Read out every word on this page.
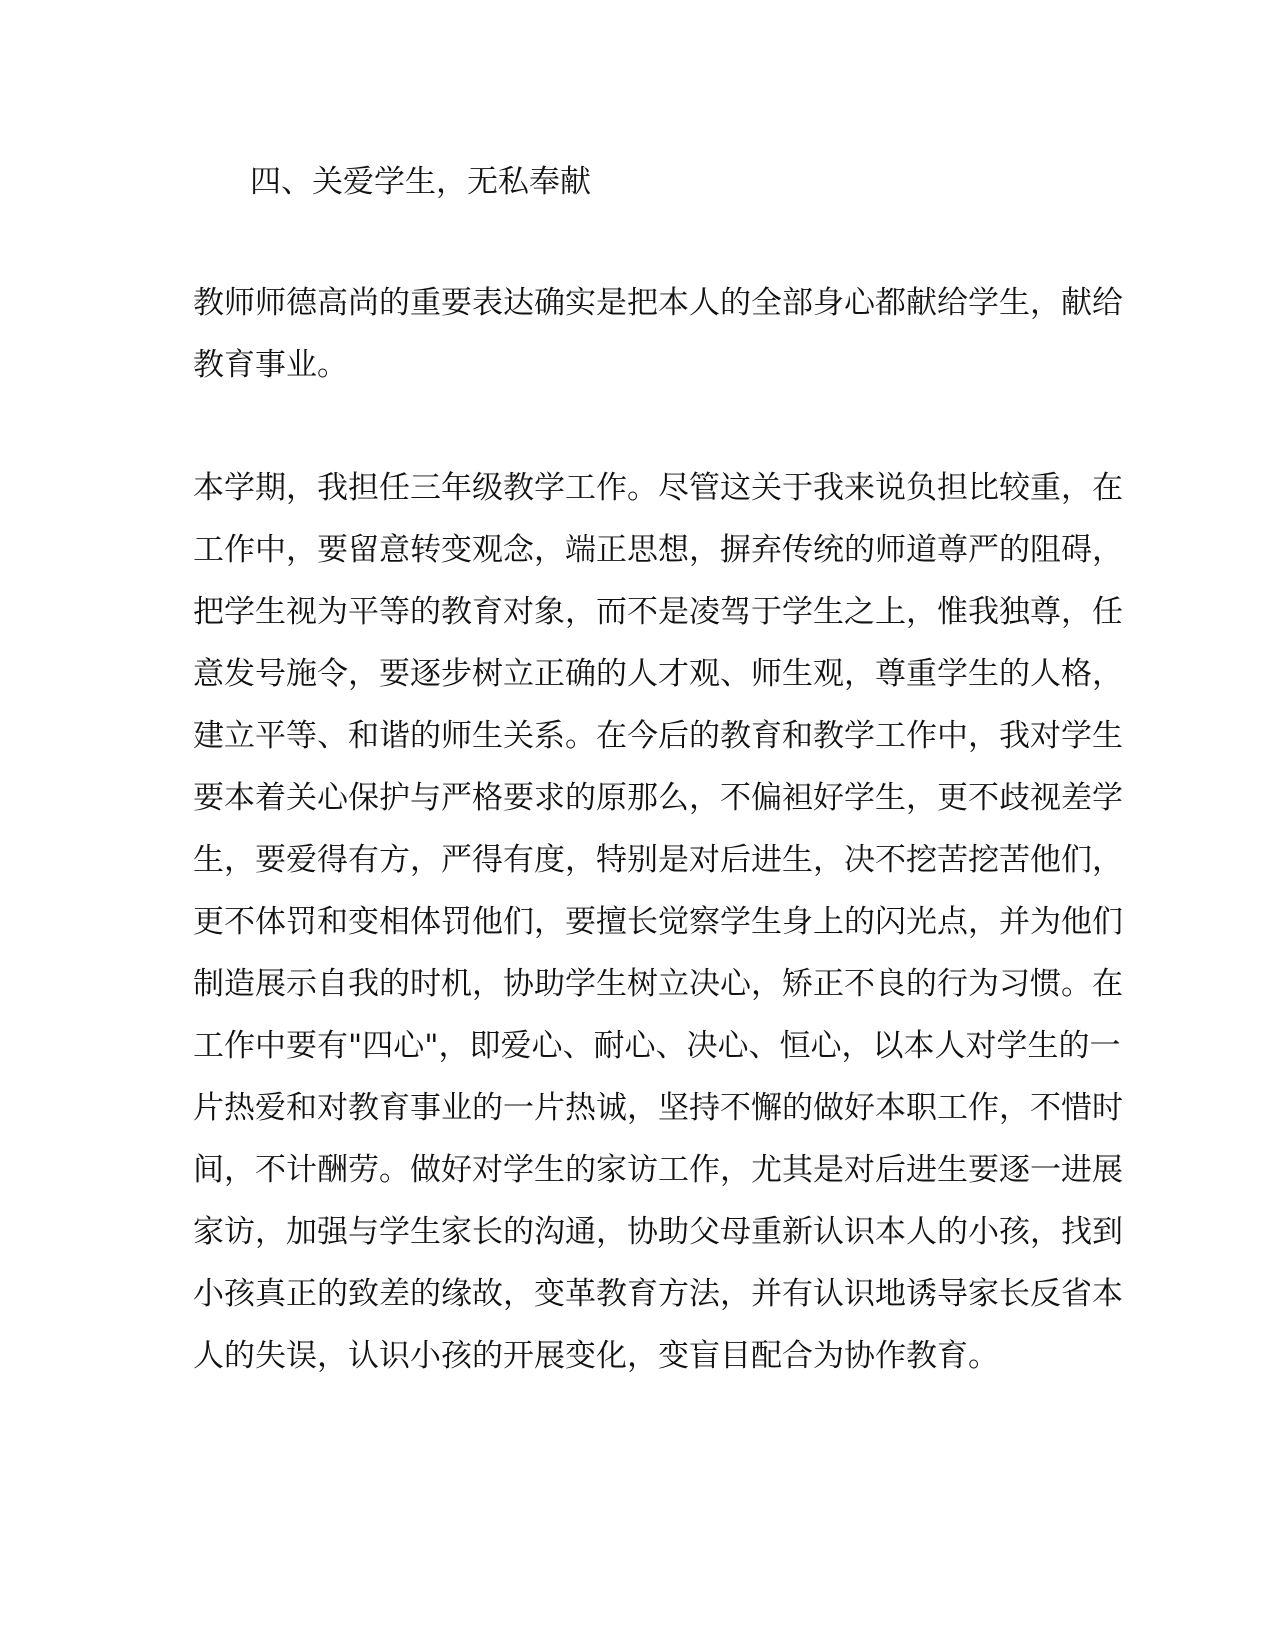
四、关爱学生，无私奉献
教师师德高尚的重要表达确实是把本人的全部身心都献给学生，献给
教育事业。
本学期，我担任三年级教学工作。尽管这关于我来说负担比较重，在
工作中，要留意转变观念，端正思想，摒弃传统的师道尊严的阻碍，
把学生视为平等的教育对象，而不是凌驾于学生之上，惟我独尊，任
意发号施令，要逐步树立正确的人才观、师生观，尊重学生的人格，
建立平等、和谐的师生关系。在今后的教育和教学工作中，我对学生
要本着关心保护与严格要求的原那么，不偏袒好学生，更不歧视差学
生，要爱得有方，严得有度，特别是对后进生，决不挖苦挖苦他们，
更不体罚和变相体罚他们，要擅长觉察学生身上的闪光点，并为他们
制造展示自我的时机，协助学生树立决心，矫正不良的行为习惯。在
工作中要有"四心"，即爱心、耐心、决心、恒心，以本人对学生的一
片热爱和对教育事业的一片热诚，坚持不懈的做好本职工作，不惜时
间，不计酬劳。做好对学生的家访工作，尤其是对后进生要逐一进展
家访，加强与学生家长的沟通，协助父母重新认识本人的小孩，找到
小孩真正的致差的缘故，变革教育方法，并有认识地诱导家长反省本
人的失误，认识小孩的开展变化，变盲目配合为协作教育。
